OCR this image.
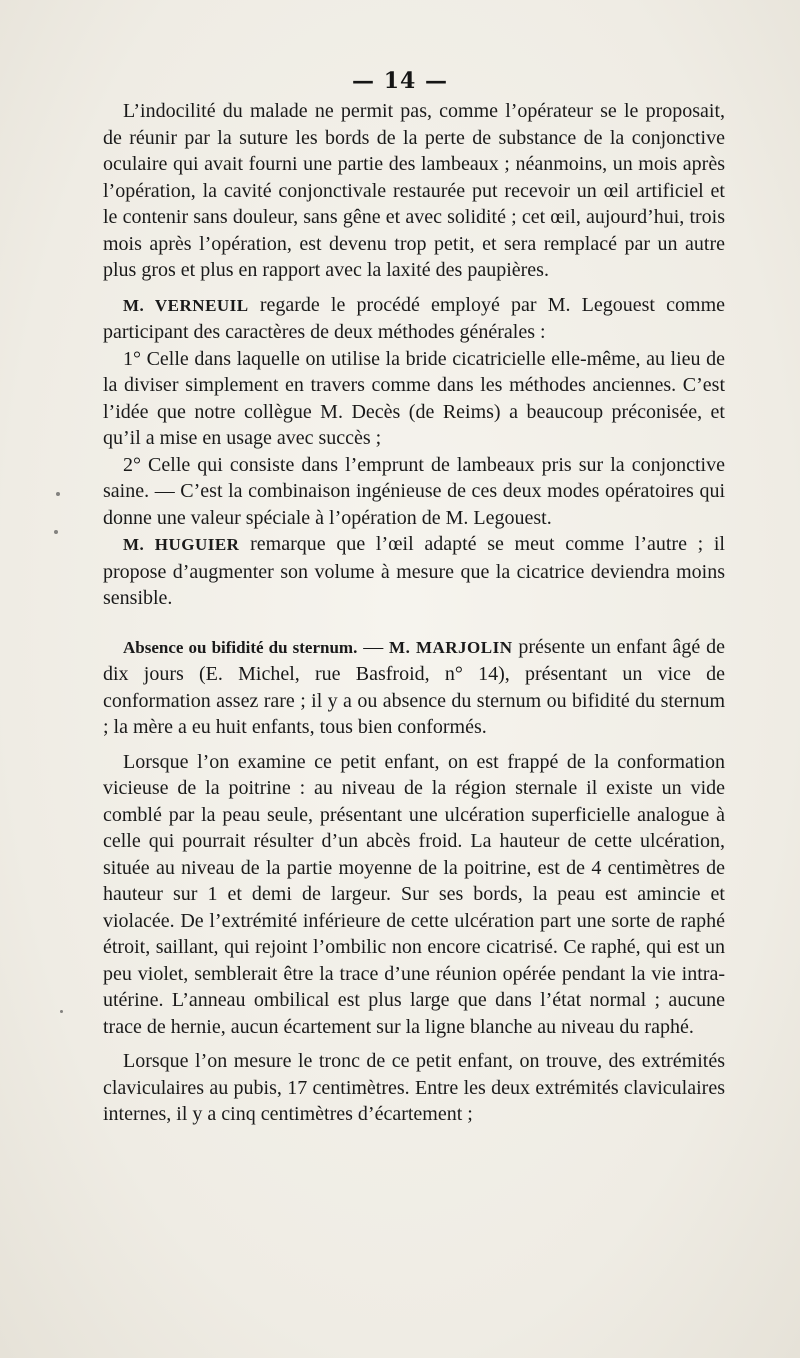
— 14 —

L’indocilité du malade ne permit pas, comme l’opérateur se le proposait, de réunir par la suture les bords de la perte de substance de la conjonctive oculaire qui avait fourni une partie des lambeaux ; néanmoins, un mois après l’opération, la cavité conjonctivale restaurée put recevoir un œil artificiel et le contenir sans douleur, sans gêne et avec solidité ; cet œil, aujourd’hui, trois mois après l’opération, est devenu trop petit, et sera remplacé par un autre plus gros et plus en rapport avec la laxité des paupières.

M. VERNEUIL regarde le procédé employé par M. Legouest comme participant des caractères de deux méthodes générales :

1° Celle dans laquelle on utilise la bride cicatricielle elle-même, au lieu de la diviser simplement en travers comme dans les méthodes anciennes. C’est l’idée que notre collègue M. Decès (de Reims) a beaucoup préconisée, et qu’il a mise en usage avec succès ;

2° Celle qui consiste dans l’emprunt de lambeaux pris sur la conjonctive saine. — C’est la combinaison ingénieuse de ces deux modes opératoires qui donne une valeur spéciale à l’opération de M. Legouest.

M. HUGUIER remarque que l’œil adapté se meut comme l’autre ; il propose d’augmenter son volume à mesure que la cicatrice deviendra moins sensible.

Absence ou bifidité du sternum. — M. MARJOLIN présente un enfant âgé de dix jours (E. Michel, rue Basfroid, n° 14), présentant un vice de conformation assez rare ; il y a ou absence du sternum ou bifidité du sternum ; la mère a eu huit enfants, tous bien conformés.

Lorsque l’on examine ce petit enfant, on est frappé de la conformation vicieuse de la poitrine : au niveau de la région sternale il existe un vide comblé par la peau seule, présentant une ulcération superficielle analogue à celle qui pourrait résulter d’un abcès froid. La hauteur de cette ulcération, située au niveau de la partie moyenne de la poitrine, est de 4 centimètres de hauteur sur 1 et demi de largeur. Sur ses bords, la peau est amincie et violacée. De l’extrémité inférieure de cette ulcération part une sorte de raphé étroit, saillant, qui rejoint l’ombilic non encore cicatrisé. Ce raphé, qui est un peu violet, semblerait être la trace d’une réunion opérée pendant la vie intra-utérine. L’anneau ombilical est plus large que dans l’état normal ; aucune trace de hernie, aucun écartement sur la ligne blanche au niveau du raphé.

Lorsque l’on mesure le tronc de ce petit enfant, on trouve, des extrémités claviculaires au pubis, 17 centimètres. Entre les deux extrémités claviculaires internes, il y a cinq centimètres d’écartement ;
